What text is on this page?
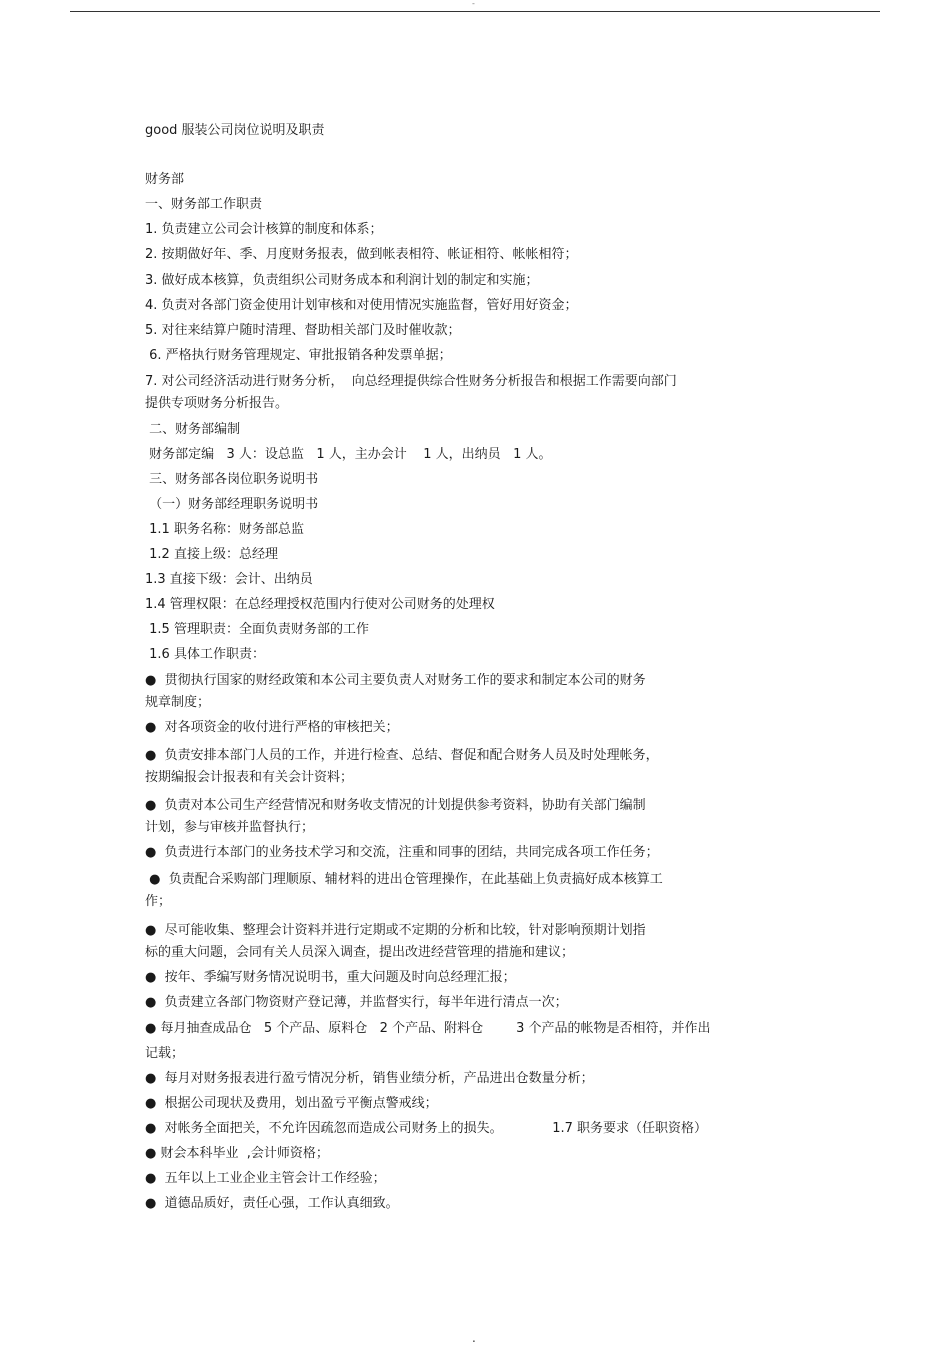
-
good 服装公司岗位说明及职责
财务部
一、财务部工作职责
1. 负责建立公司会计核算的制度和体系；
2. 按期做好年、季、月度财务报表，做到帐表相符、帐证相符、帐帐相符；
3. 做好成本核算，负责组织公司财务成本和利润计划的制定和实施；
4. 负责对各部门资金使用计划审核和对使用情况实施监督，管好用好资金；
5. 对往来结算户随时清理、督助相关部门及时催收款；
6. 严格执行财务管理规定、审批报销各种发票单据；
7. 对公司经济活动进行财务分析，  向总经理提供综合性财务分析报告和根据工作需要向部门
提供专项财务分析报告。
二、财务部编制
财务部定编   3 人：设总监   1 人，主办会计    1 人，出纳员   1 人。
三、财务部各岗位职务说明书
（一）财务部经理职务说明书
1.1 职务名称：财务部总监
1.2 直接上级：总经理
1.3 直接下级：会计、出纳员
1.4 管理权限：在总经理授权范围内行使对公司财务的处理权
1.5 管理职责：全面负责财务部的工作
1.6 具体工作职责：
●  贯彻执行国家的财经政策和本公司主要负责人对财务工作的要求和制定本公司的财务
规章制度；
●  对各项资金的收付进行严格的审核把关；
●  负责安排本部门人员的工作，并进行检查、总结、督促和配合财务人员及时处理帐务，
按期编报会计报表和有关会计资料；
●  负责对本公司生产经营情况和财务收支情况的计划提供参考资料，协助有关部门编制
计划，参与审核并监督执行；
●  负责进行本部门的业务技术学习和交流，注重和同事的团结，共同完成各项工作任务；
●  负责配合采购部门理顺原、辅材料的进出仓管理操作，在此基础上负责搞好成本核算工
作；
●  尽可能收集、整理会计资料并进行定期或不定期的分析和比较，针对影响预期计划指
标的重大问题，会同有关人员深入调查，提出改进经营管理的措施和建议；
●  按年、季编写财务情况说明书，重大问题及时向总经理汇报；
●  负责建立各部门物资财产登记薄，并监督实行，每半年进行清点一次；
● 每月抽查成品仓   5 个产品、原料仓   2 个产品、附料仓        3 个产品的帐物是否相符，并作出
记载；
●  每月对财务报表进行盈亏情况分析，销售业绩分析，产品进出仓数量分析；
●  根据公司现状及费用，划出盈亏平衡点警戒线；
●  对帐务全面把关，不允许因疏忽而造成公司财务上的损失。            1.7 职务要求（任职资格）
● 财会本科毕业  ,会计师资格；
●  五年以上工业企业主管会计工作经验；
●  道德品质好，责任心强，工作认真细致。
.
